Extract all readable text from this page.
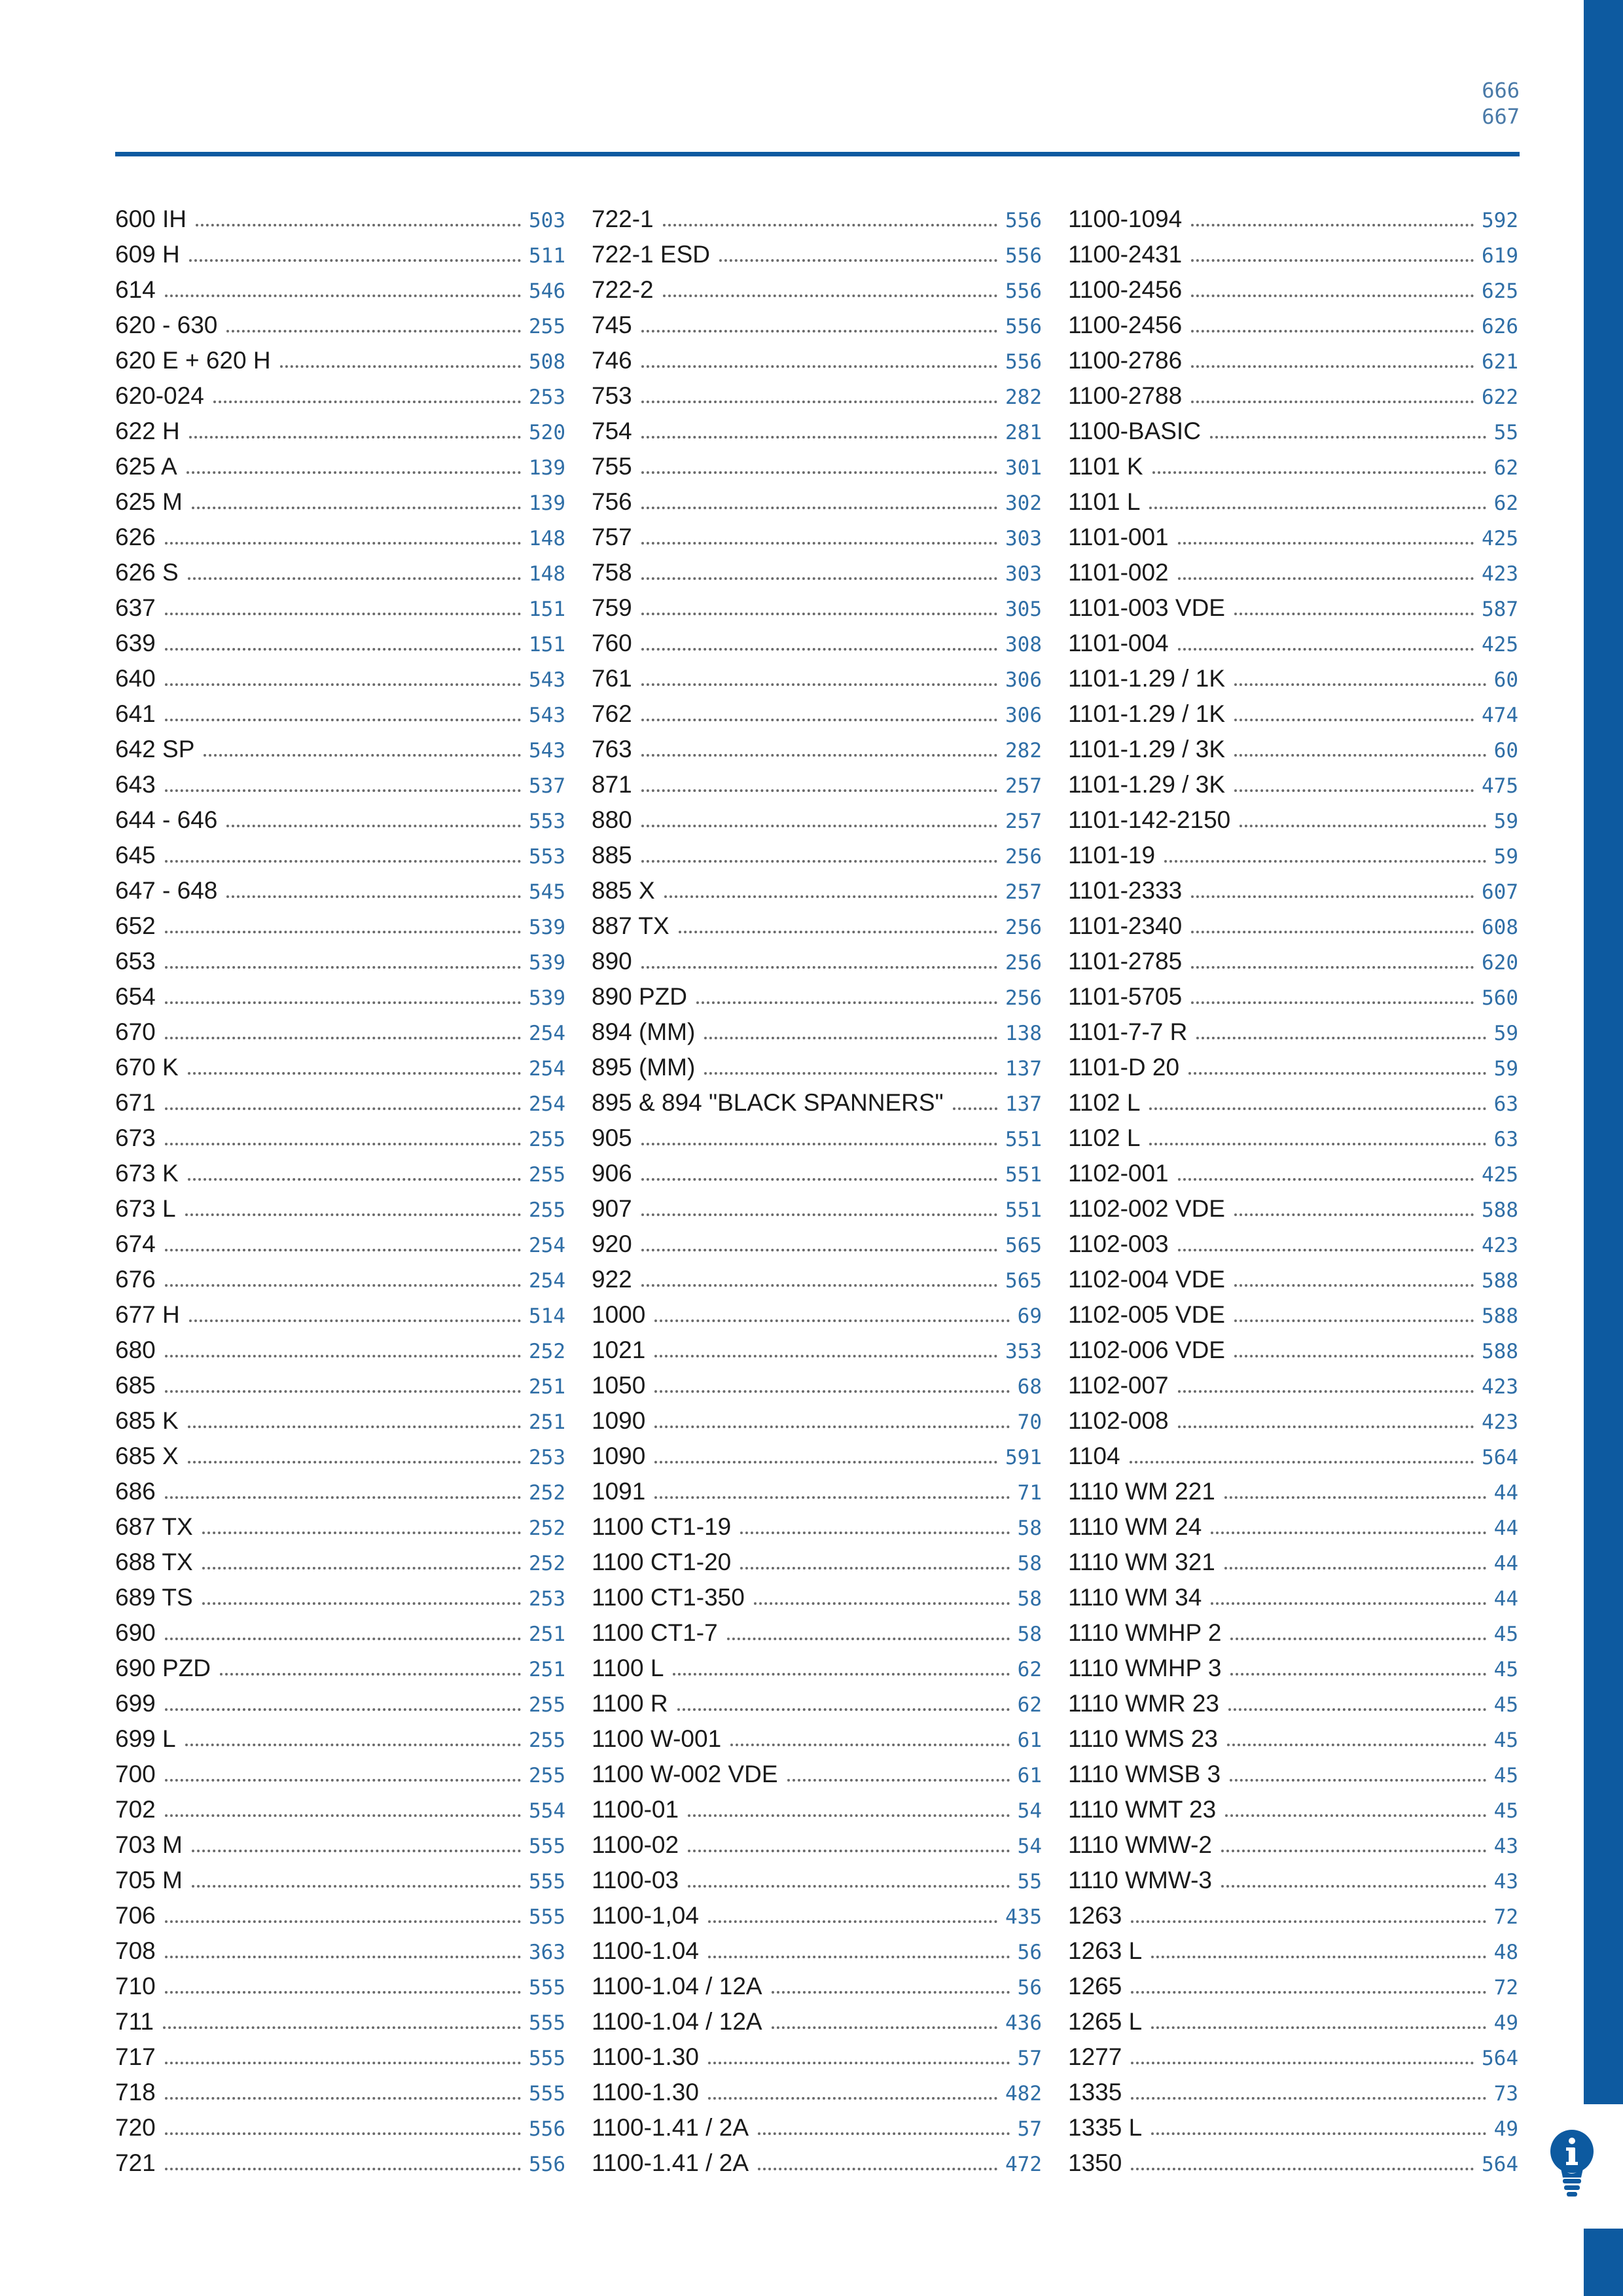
666
667
600 IH	503
609 H	511
614	546
620 - 630	255
620 E + 620 H	508
620-024	253
622 H	520
625 A	139
625 M	139
626	148
626 S	148
637	151
639	151
640	543
641	543
642 SP	543
643	537
644 - 646	553
645	553
647 - 648	545
652	539
653	539
654	539
670	254
670 K	254
671	254
673	255
673 K	255
673 L	255
674	254
676	254
677 H	514
680	252
685	251
685 K	251
685 X	253
686	252
687 TX	252
688 TX	252
689 TS	253
690	251
690 PZD	251
699	255
699 L	255
700	255
702	554
703 M	555
705 M	555
706	555
708	363
710	555
711	555
717	555
718	555
720	556
721	556
722-1	556
722-1 ESD	556
722-2	556
745	556
746	556
753	282
754	281
755	301
756	302
757	303
758	303
759	305
760	308
761	306
762	306
763	282
871	257
880	257
885	256
885 X	257
887 TX	256
890	256
890 PZD	256
894 (MM)	138
895 (MM)	137
895 & 894 "BLACK SPANNERS"	137
905	551
906	551
907	551
920	565
922	565
1000	69
1021	353
1050	68
1090	70
1090	591
1091	71
1100 CT1-19	58
1100 CT1-20	58
1100 CT1-350	58
1100 CT1-7	58
1100 L	62
1100 R	62
1100 W-001	61
1100 W-002 VDE	61
1100-01	54
1100-02	54
1100-03	55
1100-1,04	435
1100-1.04	56
1100-1.04 / 12A	56
1100-1.04 / 12A	436
1100-1.30	57
1100-1.30	482
1100-1.41 / 2A	57
1100-1.41 / 2A	472
1100-1094	592
1100-2431	619
1100-2456	625
1100-2456	626
1100-2786	621
1100-2788	622
1100-BASIC	55
1101 K	62
1101 L	62
1101-001	425
1101-002	423
1101-003 VDE	587
1101-004	425
1101-1.29 / 1K	60
1101-1.29 / 1K	474
1101-1.29 / 3K	60
1101-1.29 / 3K	475
1101-142-2150	59
1101-19	59
1101-2333	607
1101-2340	608
1101-2785	620
1101-5705	560
1101-7-7 R	59
1101-D 20	59
1102 L	63
1102 L	63
1102-001	425
1102-002 VDE	588
1102-003	423
1102-004 VDE	588
1102-005 VDE	588
1102-006 VDE	588
1102-007	423
1102-008	423
1104	564
1110 WM 221	44
1110 WM 24	44
1110 WM 321	44
1110 WM 34	44
1110 WMHP 2	45
1110 WMHP 3	45
1110 WMR 23	45
1110 WMS 23	45
1110 WMSB 3	45
1110 WMT 23	45
1110 WMW-2	43
1110 WMW-3	43
1263	72
1263 L	48
1265	72
1265 L	49
1277	564
1335	73
1335 L	49
1350	564
